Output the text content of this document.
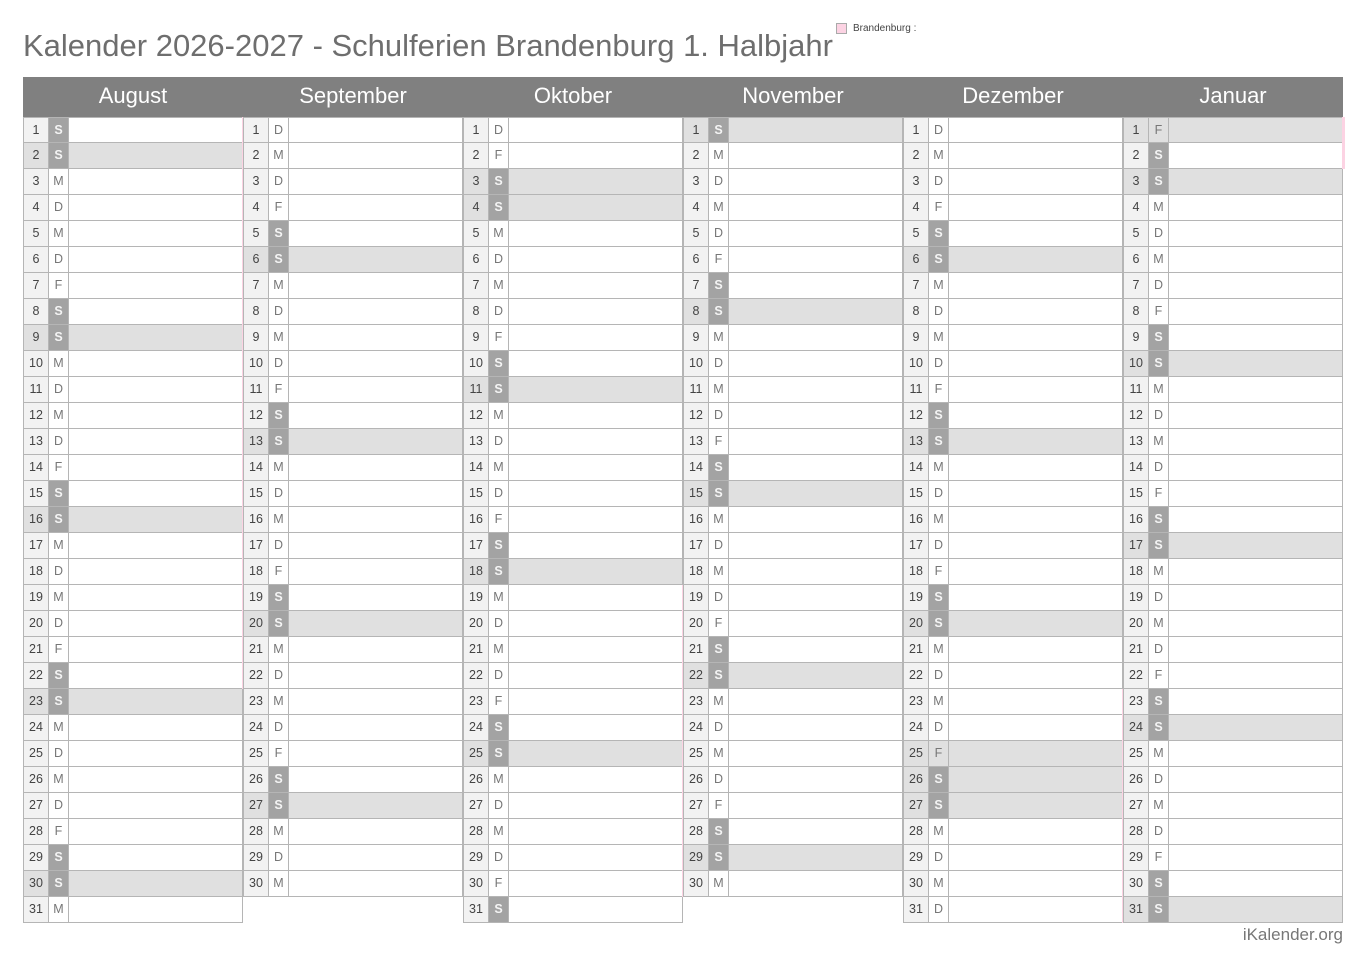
Kalender 2026-2027 - Schulferien Brandenburg 1. Halbjahr Brandenburg :
August	September	Oktober	November	Dezember	Januar
1	S
2	S
3	M
4	D
5	M
6	D
7	F
8	S
9	S
10 M
11 D
12 M
13 D
14 F
15 S
16 S
17 M
18 D
19 M
20 D
21 F
22 S
23 S
24 M
25 D
26 M
27 D
28 F
29 S
30 S
31 M
1	D
2	M
3	D
4	F
5	S
6	S
7	M
8	D
9	M
10 D
11 F
12 S
13 S
14 M
15 D
16 M
17 D
18 F
19 S
20 S
21 M
22 D
23 M
24 D
25 F
26 S
27 S
28 M
29 D
30 M
1	D
2	F
3	S
4	S
5	M
6	D
7	M
8	D
9	F
10 S
11 S
12 M
13 D
14 M
15 D
16 F
17 S
18 S
19 M
20 D
21 M
22 D
23 F
24 S
25 S
26 M
27 D
28 M
29 D
30 F
31 S
1	S
2	M
3	D
4	M
5	D
6	F
7	S
8	S
9	M
10 D
11 M
12 D
13 F
14 S
15 S
16 M
17 D
18 M
19 D
20 F
21 S
22 S
23 M
24 D
25 M
26 D
27 F
28 S
29 S
30 M
1	D
2	M
3	D
4	F
5	S
6	S
7	M
8	D
9	M
10 D
11 F
12 S
13 S
14 M
15 D
16 M
17 D
18 F
19 S
20 S
21 M
22 D
23 M
24 D
25 F
26 S
27 S
28 M
29 D
30 M
31 D
1	F
2	S
3	S
4	M
5	D
6	M
7	D
8	F
9	S
10 S
11 M
12 D
13 M
14 D
15 F
16 S
17 S
18 M
19 D
20 M
21 D
22 F
23 S
24 S
25 M
26 D
27 M
28 D
29 F
30 S
31 S
iKalender.org
